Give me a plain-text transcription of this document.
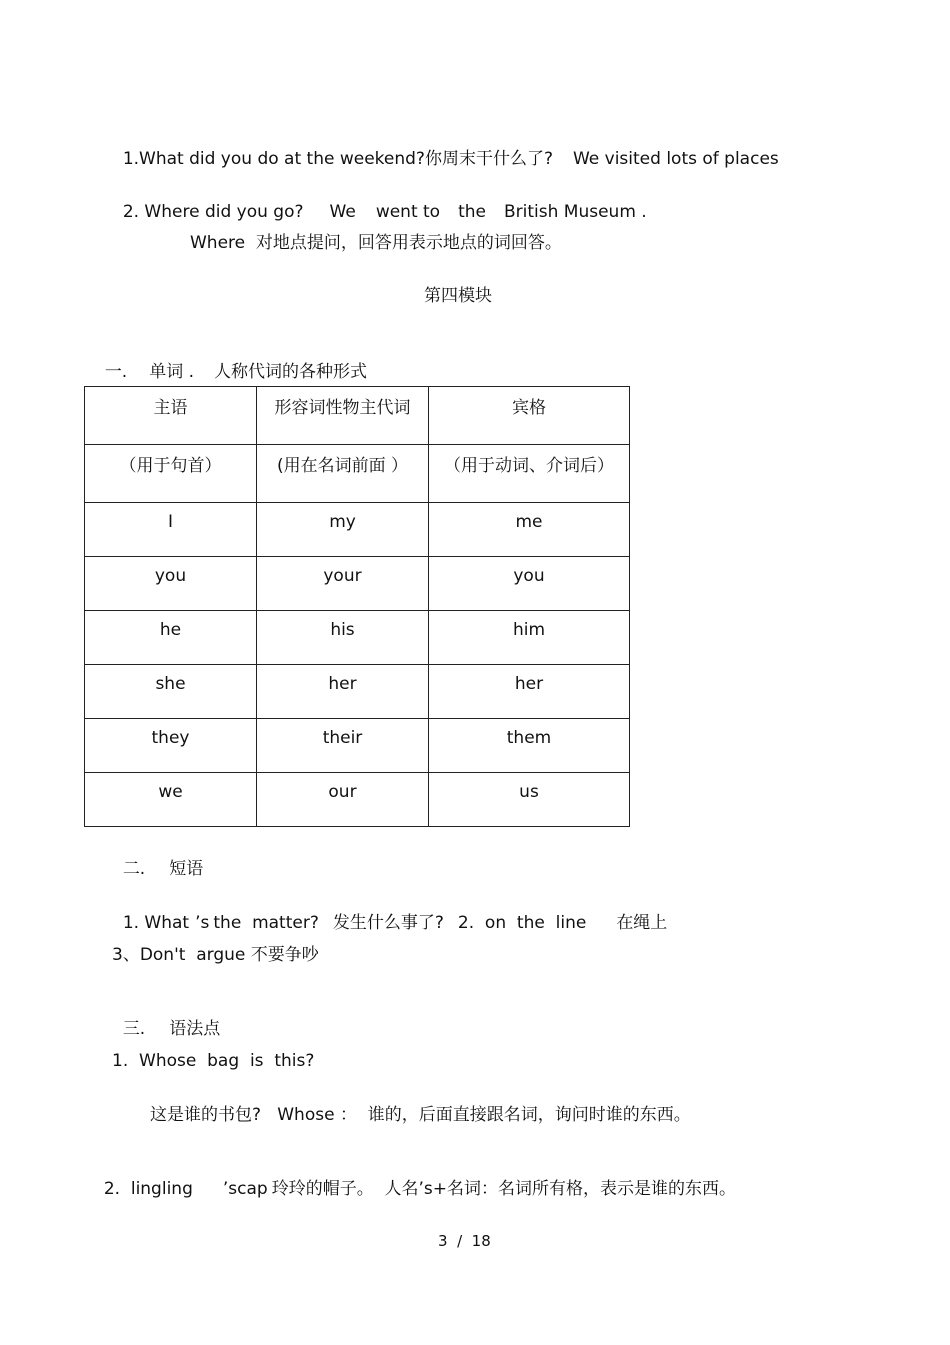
1.What did you do at the weekend?你周末干什么了? We visited lots of places

2. Where did you go? We went to the British Museum .

Where  对地点提问，回答用表示地点的词回答。
第四模块

一. 单词 . 人称代词的各种形式

主语	形容词性物主代词	宾格

（用于句首）	(用在名词前面 ）	（用于动词、介词后）

I	my	me

you	your	you

he	his	him

she	her	her

they	their	them

we	our	us

二. 短语

1. What ’s the  matter? 发生什么事了? 2.  on  the  line 在绳上

3、Don't  argue 不要争吵

三. 语法点

1.  Whose  bag  is  this?
这是谁的书包?   Whose ：  谁的，后面直接跟名词，询问时谁的东西。

2.  lingling ’scap 玲玲的帽子。  人名’s+名词：名词所有格，表示是谁的东西。

3  /  18
